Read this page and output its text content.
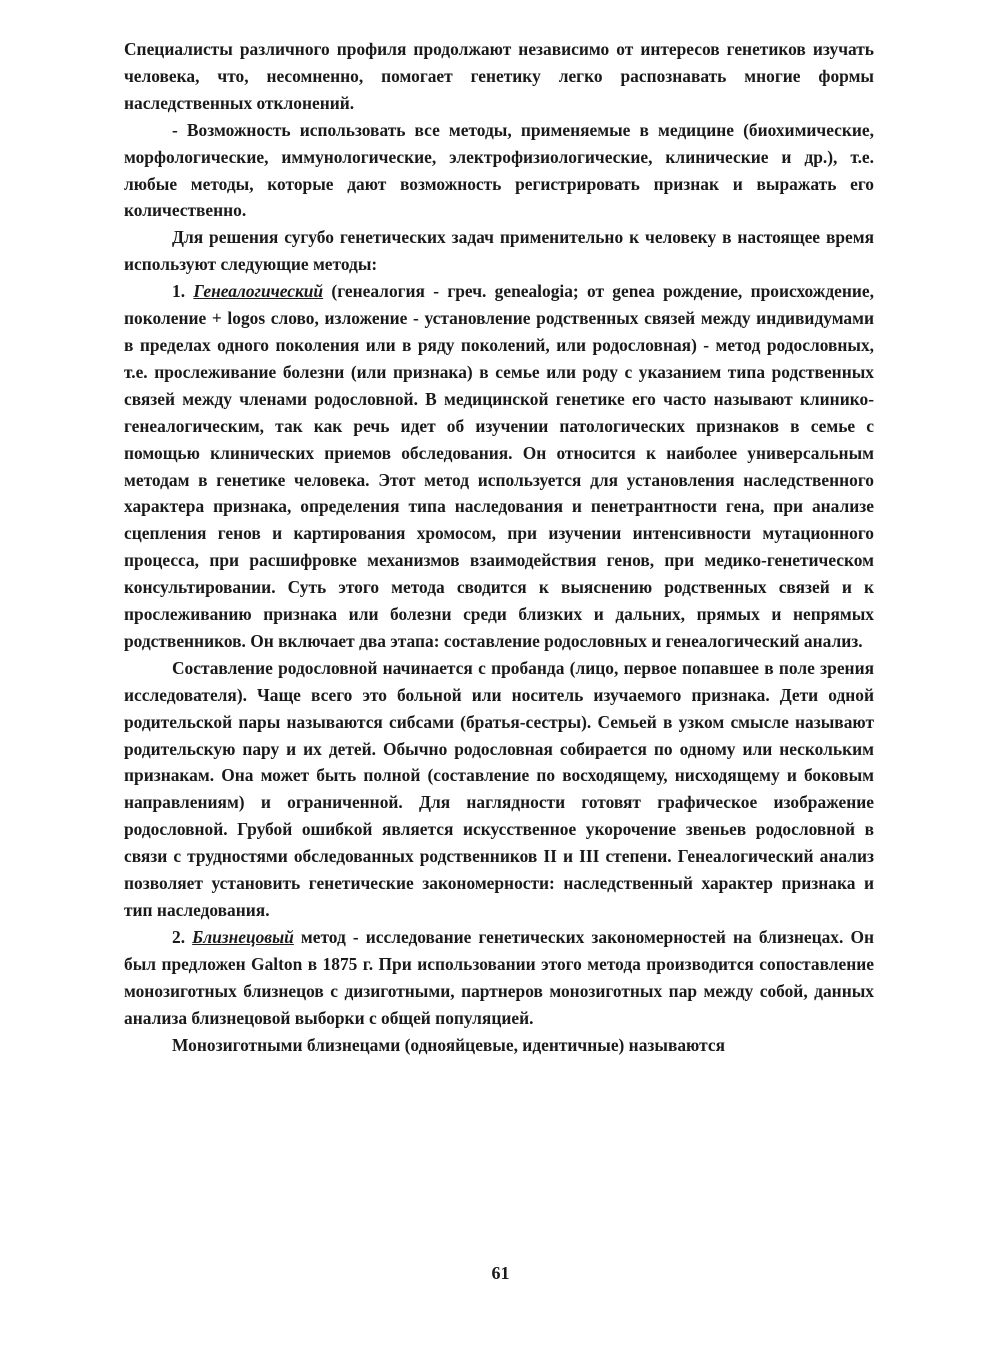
Специалисты различного профиля продолжают независимо от интересов генетиков изучать человека, что, несомненно, помогает генетику легко распознавать многие формы наследственных отклонений.

- Возможность использовать все методы, применяемые в медицине (биохимические, морфологические, иммунологические, электрофизиологические, клинические и др.), т.е. любые методы, которые дают возможность регистрировать признак и выражать его количественно.

Для решения сугубо генетических задач применительно к человеку в настоящее время используют следующие методы:

1. Генеалогический (генеалогия - греч. genealogia; от genea рождение, происхождение, поколение + logos слово, изложение - установление родственных связей между индивидумами в пределах одного поколения или в ряду поколений, или родословная) - метод родословных, т.е. прослеживание болезни (или признака) в семье или роду с указанием типа родственных связей между членами родословной. В медицинской генетике его часто называют клинико-генеалогическим, так как речь идет об изучении патологических признаков в семье с помощью клинических приемов обследования. Он относится к наиболее универсальным методам в генетике человека. Этот метод используется для установления наследственного характера признака, определения типа наследования и пенетрантности гена, при анализе сцепления генов и картирования хромосом, при изучении интенсивности мутационного процесса, при расшифровке механизмов взаимодействия генов, при медико-генетическом консультировании. Суть этого метода сводится к выяснению родственных связей и к прослеживанию признака или болезни среди близких и дальних, прямых и непрямых родственников. Он включает два этапа: составление родословных и генеалогический анализ.

Составление родословной начинается с пробанда (лицо, первое попавшее в поле зрения исследователя). Чаще всего это больной или носитель изучаемого признака. Дети одной родительской пары называются сибсами (братья-сестры). Семьей в узком смысле называют родительскую пару и их детей. Обычно родословная собирается по одному или нескольким признакам. Она может быть полной (составление по восходящему, нисходящему и боковым направлениям) и ограниченной. Для наглядности готовят графическое изображение родословной. Грубой ошибкой является искусственное укорочение звеньев родословной в связи с трудностями обследованных родственников II и III степени. Генеалогический анализ позволяет установить генетические закономерности: наследственный характер признака и тип наследования.

2. Близнецовый метод - исследование генетических закономерностей на близнецах. Он был предложен Galton в 1875 г. При использовании этого метода производится сопоставление монозиготных близнецов с дизиготными, партнеров монозиготных пар между собой, данных анализа близнецовой выборки с общей популяцией.

Монозиготными близнецами (однояйцевые, идентичные) называются

61
